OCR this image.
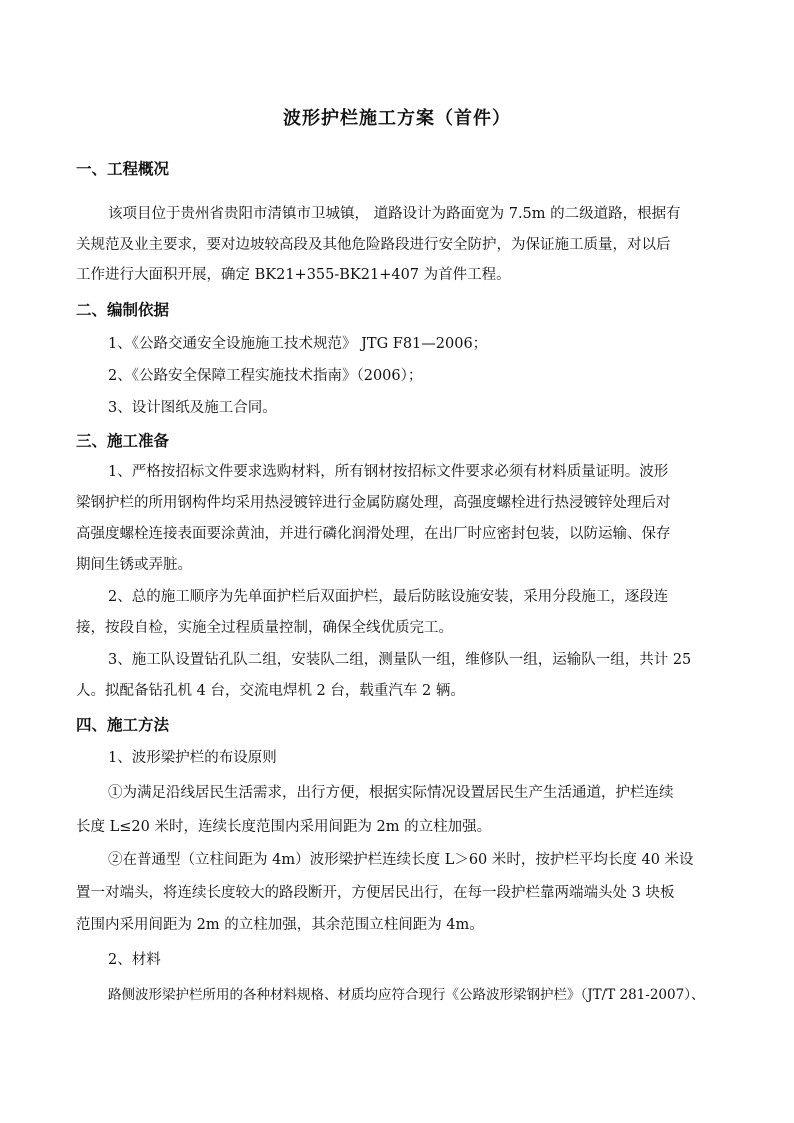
波形护栏施工方案（首件）
一、工程概况
该项目位于贵州省贵阳市清镇市卫城镇， 道路设计为路面宽为 7.5m 的二级道路，根据有
关规范及业主要求，要对边坡较高段及其他危险路段进行安全防护，为保证施工质量，对以后
工作进行大面积开展，确定 BK21+355-BK21+407 为首件工程。
二、编制依据
1、《公路交通安全设施施工技术规范》 JTG F81—2006；
2、《公路安全保障工程实施技术指南》（2006）；
3、设计图纸及施工合同。
三、施工准备
1、严格按招标文件要求选购材料，所有钢材按招标文件要求必须有材料质量证明。波形
梁钢护栏的所用钢构件均采用热浸镀锌进行金属防腐处理，高强度螺栓进行热浸镀锌处理后对
高强度螺栓连接表面要涂黄油，并进行磷化润滑处理，在出厂时应密封包装，以防运输、保存
期间生锈或弄脏。
2、总的施工顺序为先单面护栏后双面护栏，最后防眩设施安装，采用分段施工，逐段连
接，按段自检，实施全过程质量控制，确保全线优质完工。
3、施工队设置钻孔队二组，安装队二组，测量队一组，维修队一组，运输队一组，共计 25
人。拟配备钻孔机 4 台，交流电焊机 2 台，载重汽车 2 辆。
四、施工方法
1、波形梁护栏的布设原则
①为满足沿线居民生活需求，出行方便，根据实际情况设置居民生产生活通道，护栏连续
长度 L≤20 米时，连续长度范围内采用间距为 2m 的立柱加强。
②在普通型（立柱间距为 4m）波形梁护栏连续长度 L＞60 米时，按护栏平均长度 40 米设
置一对端头，将连续长度较大的路段断开，方便居民出行，在每一段护栏靠两端端头处 3 块板
范围内采用间距为 2m 的立柱加强，其余范围立柱间距为 4m。
2、材料
路侧波形梁护栏所用的各种材料规格、材质均应符合现行《公路波形梁钢护栏》（JT/T 281-2007）、
